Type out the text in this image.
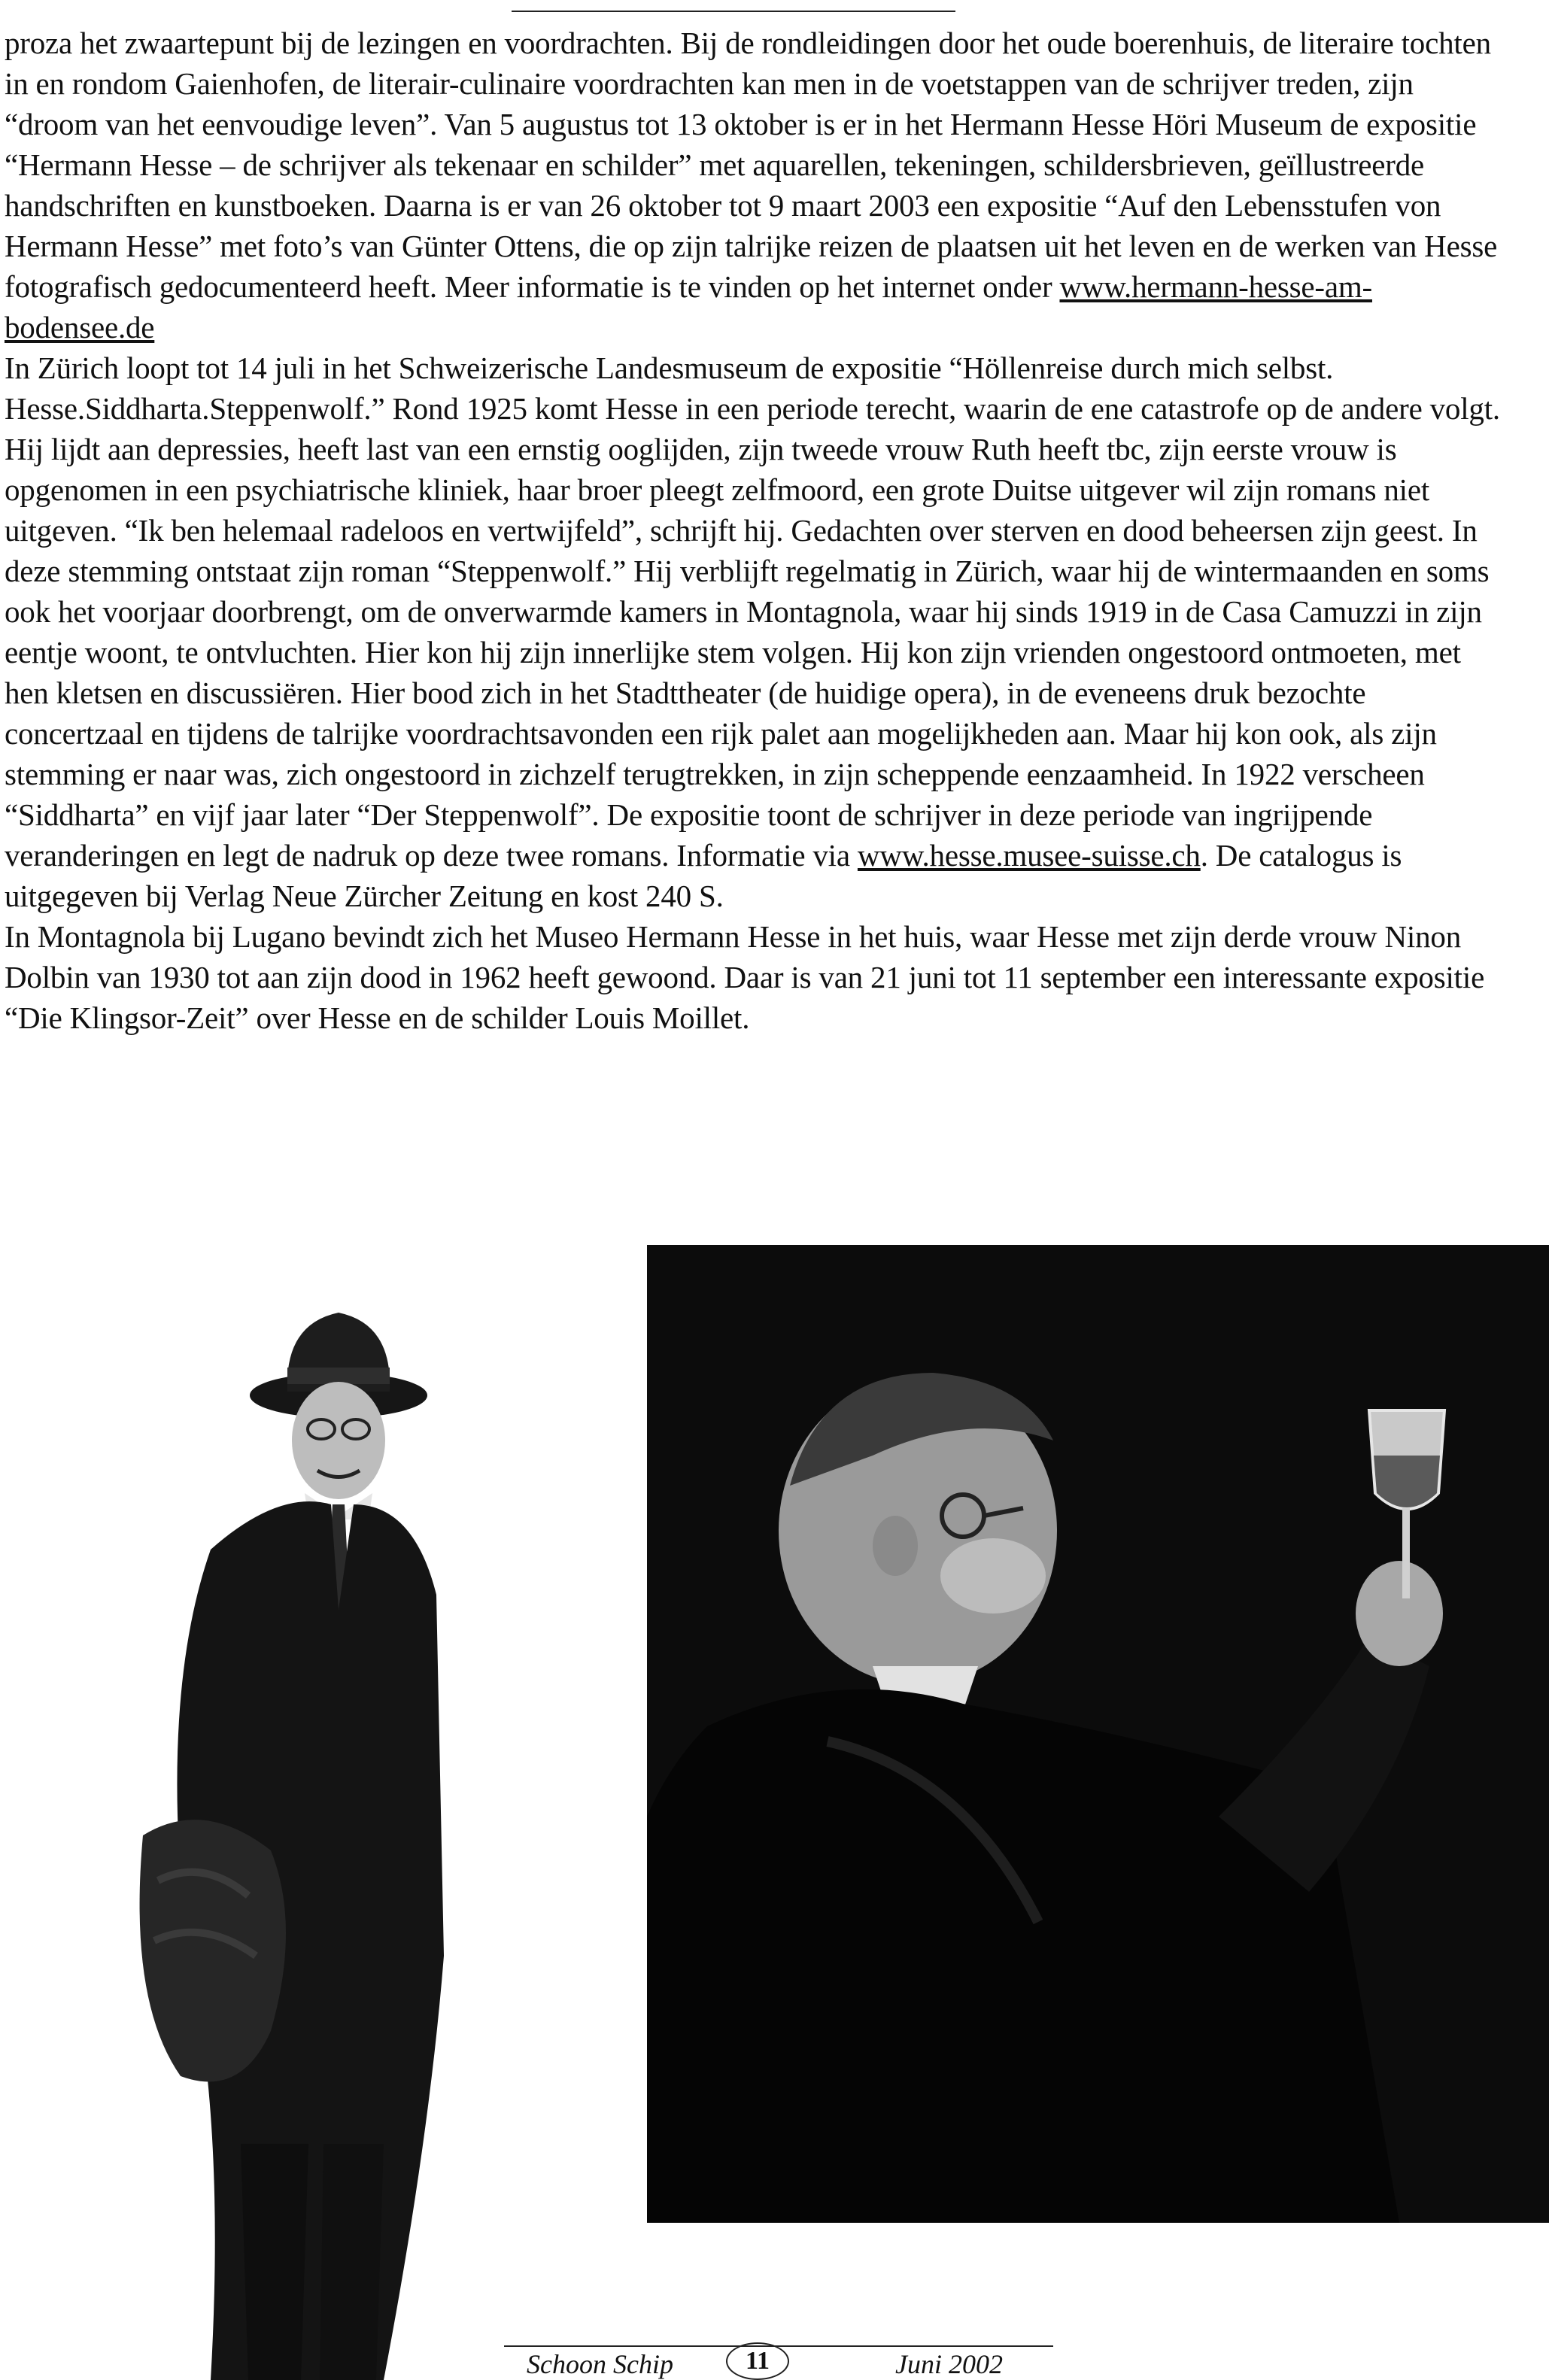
proza het zwaartepunt bij de lezingen en voordrachten. Bij de rondleidingen door het oude boerenhuis, de literaire tochten in en rondom Gaienhofen, de literair-culinaire voordrachten kan men in de voetstappen van de schrijver treden, zijn “droom van het eenvoudige leven”. Van 5 augustus tot 13 oktober is er in het Hermann Hesse Höri Museum de expositie “Hermann Hesse – de schrijver als tekenaar en schilder” met aquarellen, tekeningen, schildersbrieven, geïllustreerde handschriften en kunstboeken. Daarna is er van 26 oktober tot 9 maart 2003 een expositie “Auf den Lebensstufen von Hermann Hesse” met foto’s van Günter Ottens, die op zijn talrijke reizen de plaatsen uit het leven en de werken van Hesse fotografisch gedocumenteerd heeft. Meer informatie is te vinden op het internet onder www.hermann-hesse-am-bodensee.de

In Zürich loopt tot 14 juli in het Schweizerische Landesmuseum de expositie “Höllenreise durch mich selbst. Hesse.Siddharta.Steppenwolf.” Rond 1925 komt Hesse in een periode terecht, waarin de ene catastrofe op de andere volgt. Hij lijdt aan depressies, heeft last van een ernstig ooglijden, zijn tweede vrouw Ruth heeft tbc, zijn eerste vrouw is opgenomen in een psychiatrische kliniek, haar broer pleegt zelfmoord, een grote Duitse uitgever wil zijn romans niet uitgeven. “Ik ben helemaal radeloos en vertwijfeld”, schrijft hij. Gedachten over sterven en dood beheersen zijn geest. In deze stemming ontstaat zijn roman “Steppenwolf.” Hij verblijft regelmatig in Zürich, waar hij de wintermaanden en soms ook het voorjaar doorbrengt, om de onverwarmde kamers in Montagnola, waar hij sinds 1919 in de Casa Camuzzi in zijn eentje woont, te ontvluchten. Hier kon hij zijn innerlijke stem volgen. Hij kon zijn vrienden ongestoord ontmoeten, met hen kletsen en discussiëren. Hier bood zich in het Stadttheater (de huidige opera), in de eveneens druk bezochte concertzaal en tijdens de talrijke voordrachtsavonden een rijk palet aan mogelijkheden aan. Maar hij kon ook, als zijn stemming er naar was, zich ongestoord in zichzelf terugtrekken, in zijn scheppende eenzaamheid. In 1922 verscheen “Siddharta” en vijf jaar later “Der Steppenwolf”. De expositie toont de schrijver in deze periode van ingrijpende veranderingen en legt de nadruk op deze twee romans. Informatie via www.hesse.musee-suisse.ch. De catalogus is uitgegeven bij Verlag Neue Zürcher Zeitung en kost 240 S.

In Montagnola bij Lugano bevindt zich het Museo Hermann Hesse in het huis, waar Hesse met zijn derde vrouw Ninon Dolbin van 1930 tot aan zijn dood in 1962 heeft gewoond. Daar is van 21 juni tot 11 september een interessante expositie “Die Klingsor-Zeit” over Hesse en de schilder Louis Moillet.

Schoon Schip	11	Juni 2002
